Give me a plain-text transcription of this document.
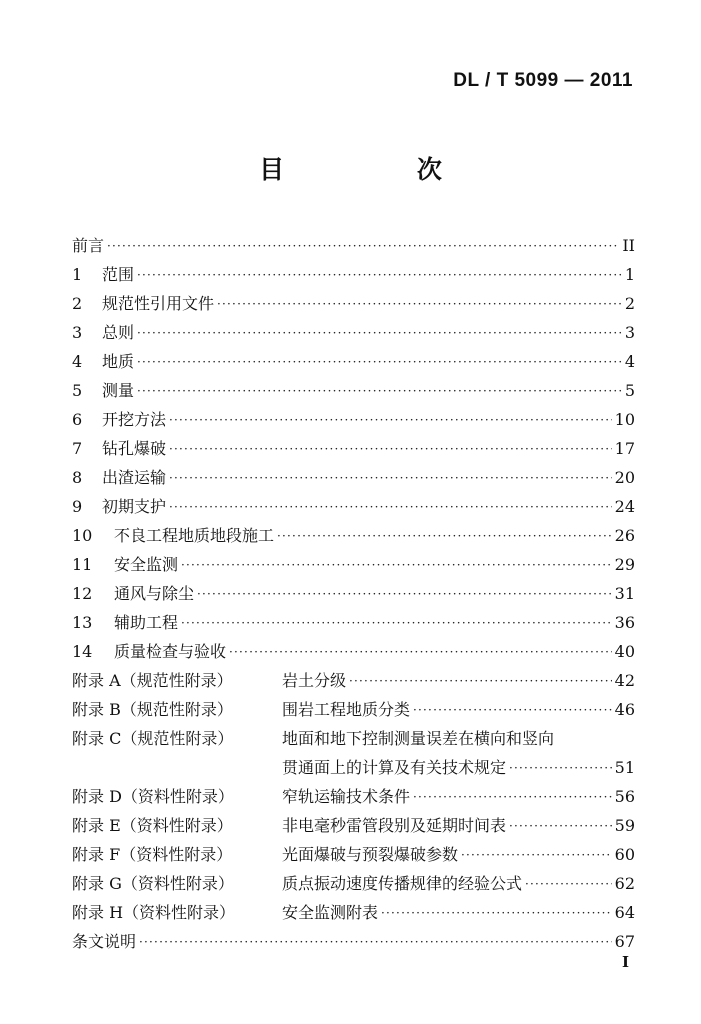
DL / T 5099 — 2011
目 次
前言 ·····	II
1	范围 ·····	1
2	规范性引用文件 ·····	2
3	总则 ·····	3
4	地质 ·····	4
5	测量 ·····	5
6	开挖方法 ·····	10
7	钻孔爆破 ·····	17
8	出渣运输 ·····	20
9	初期支护 ·····	24
10	不良工程地质地段施工 ·····	26
11	安全监测 ·····	29
12	通风与除尘 ·····	31
13	辅助工程 ·····	36
14	质量检查与验收 ·····	40
附录 A（规范性附录）	岩土分级 ·····	42
附录 B（规范性附录）	围岩工程地质分类 ·····	46
附录 C（规范性附录）	地面和地下控制测量误差在横向和竖向
贯通面上的计算及有关技术规定 ·····	51
附录 D（资料性附录）	窄轨运输技术条件 ·····	56
附录 E（资料性附录）	非电毫秒雷管段别及延期时间表 ·····	59
附录 F（资料性附录）	光面爆破与预裂爆破参数 ·····	60
附录 G（资料性附录）	质点振动速度传播规律的经验公式 ·····	62
附录 H（资料性附录）	安全监测附表 ·····	64
条文说明 ·····	67
I
